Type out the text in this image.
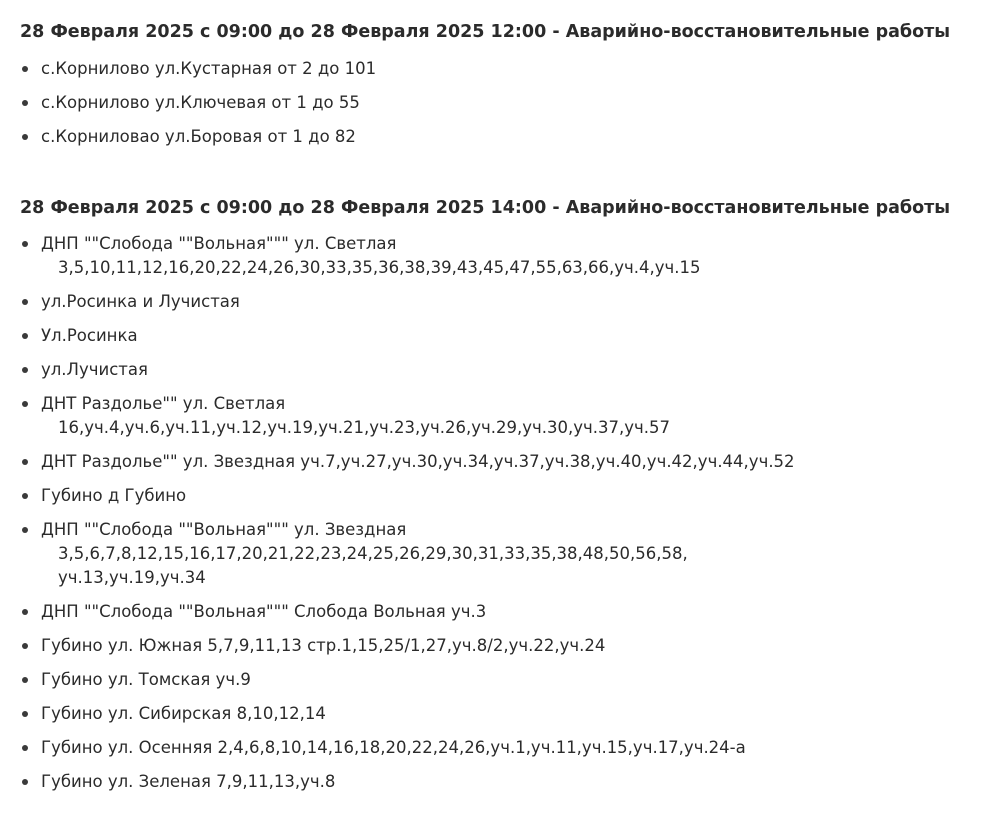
28 Февраля 2025 с 09:00 до 28 Февраля 2025 12:00 - Аварийно-восстановительные работы
с.Корнилово ул.Кустарная от 2 до 101
с.Корнилово ул.Ключевая от 1 до 55
с.Корниловао ул.Боровая от 1 до 82
28 Февраля 2025 с 09:00 до 28 Февраля 2025 14:00 - Аварийно-восстановительные работы
ДНП ""Слобода ""Вольная""" ул. Светлая
3,5,10,11,12,16,20,22,24,26,30,33,35,36,38,39,43,45,47,55,63,66,уч.4,уч.15
ул.Росинка и Лучистая
Ул.Росинка
ул.Лучистая
ДНТ Раздолье"" ул. Светлая
16,уч.4,уч.6,уч.11,уч.12,уч.19,уч.21,уч.23,уч.26,уч.29,уч.30,уч.37,уч.57
ДНТ Раздолье"" ул. Звездная уч.7,уч.27,уч.30,уч.34,уч.37,уч.38,уч.40,уч.42,уч.44,уч.52
Губино д Губино
ДНП ""Слобода ""Вольная""" ул. Звездная
3,5,6,7,8,12,15,16,17,20,21,22,23,24,25,26,29,30,31,33,35,38,48,50,56,58,
уч.13,уч.19,уч.34
ДНП ""Слобода ""Вольная""" Слобода Вольная уч.3
Губино ул. Южная 5,7,9,11,13 стр.1,15,25/1,27,уч.8/2,уч.22,уч.24
Губино ул. Томская уч.9
Губино ул. Сибирская 8,10,12,14
Губино ул. Осенняя 2,4,6,8,10,14,16,18,20,22,24,26,уч.1,уч.11,уч.15,уч.17,уч.24-а
Губино ул. Зеленая 7,9,11,13,уч.8
